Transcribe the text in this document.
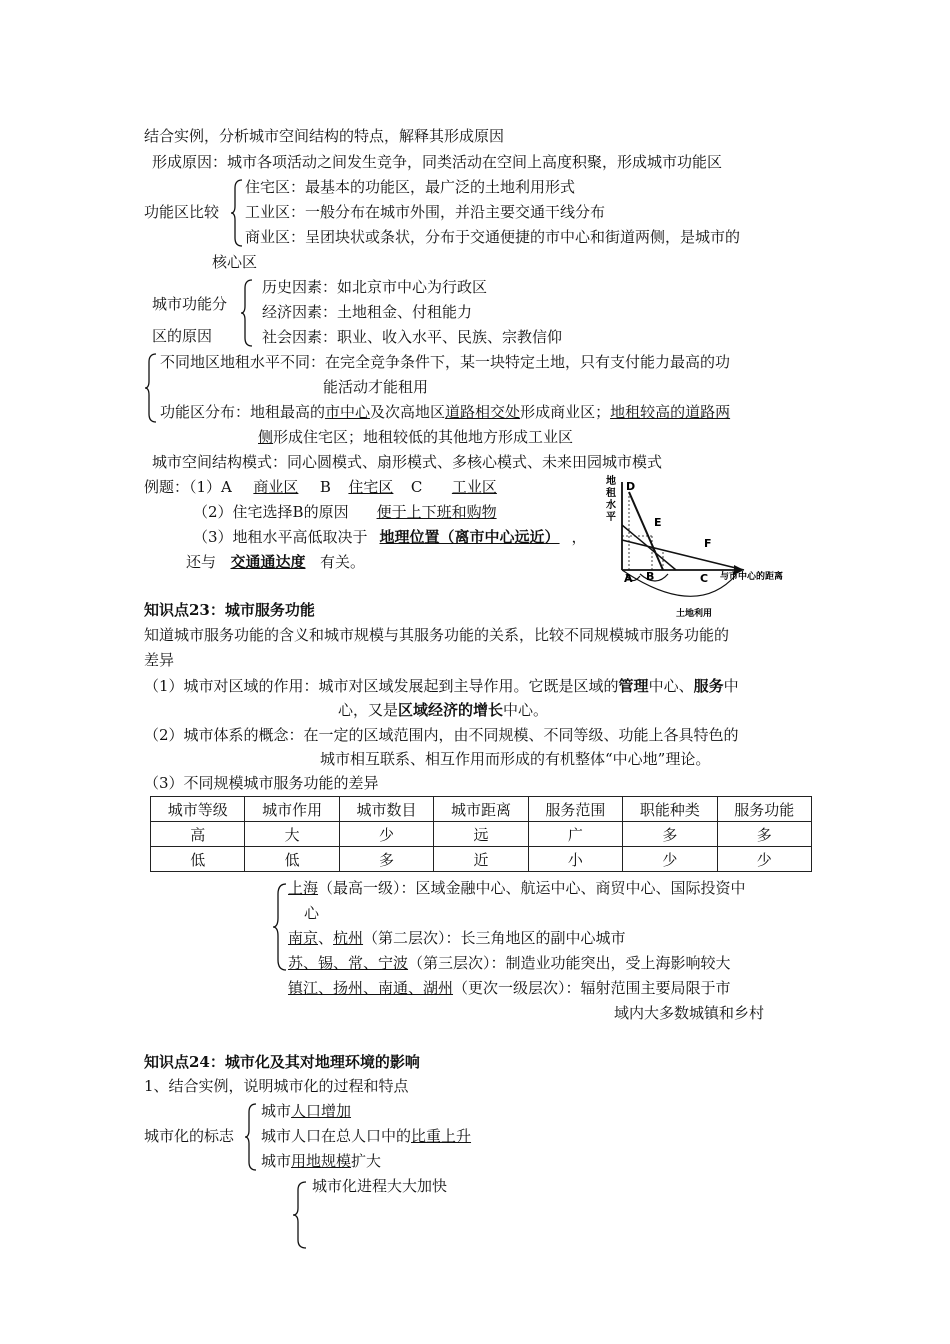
结合实例，分析城市空间结构的特点，解释其形成原因
形成原因：城市各项活动之间发生竞争，同类活动在空间上高度积聚，形成城市功能区
功能区比较
住宅区：最基本的功能区，最广泛的土地利用形式
工业区：一般分布在城市外围，并沿主要交通干线分布
商业区：呈团块状或条状，分布于交通便捷的市中心和街道两侧，是城市的
核心区
城市功能分
区的原因
历史因素：如北京市中心为行政区
经济因素：土地租金、付租能力
社会因素：职业、收入水平、民族、宗教信仰
不同地区地租水平不同：在完全竞争条件下，某一块特定土地，只有支付能力最高的功
能活动才能租用
功能区分布：地租最高的市中心及次高地区道路相交处形成商业区；地租较高的道路两
侧形成住宅区；地租较低的其他地方形成工业区
城市空间结构模式：同心圆模式、扇形模式、多核心模式、未来田园城市模式
例题：（1）A 商业区 B 住宅区 C 工业区
（2）住宅选择B的原因 便于上下班和购物
（3）地租水平高低取决于 地理位置（离市中心远近） ，
还与 交通通达度 有关。
地
租
水
平
D
E
F
A B	C 与市中心的距离
土地利用
知识点23：城市服务功能
知道城市服务功能的含义和城市规模与其服务功能的关系，比较不同规模城市服务功能的
差异
（1）城市对区域的作用：城市对区域发展起到主导作用。它既是区域的管理中心、服务中
心，又是区域经济的增长中心。
（2）城市体系的概念：在一定的区域范围内，由不同规模、不同等级、功能上各具特色的
城市相互联系、相互作用而形成的有机整体“中心地”理论。
（3）不同规模城市服务功能的差异
城市等级	城市作用	城市数目	城市距离	服务范围	职能种类	服务功能
高	大	少	远	广	多	多
低	低	多	近	小	少	少
上海（最高一级）：区域金融中心、航运中心、商贸中心、国际投资中
心
南京、杭州（第二层次）：长三角地区的副中心城市
苏、锡、常、宁波（第三层次）：制造业功能突出，受上海影响较大
镇江、扬州、南通、湖州（更次一级层次）：辐射范围主要局限于市
域内大多数城镇和乡村
知识点24：城市化及其对地理环境的影响
1、结合实例，说明城市化的过程和特点
城市化的标志
城市人口增加
城市人口在总人口中的比重上升
城市用地规模扩大
城市化进程大大加快
